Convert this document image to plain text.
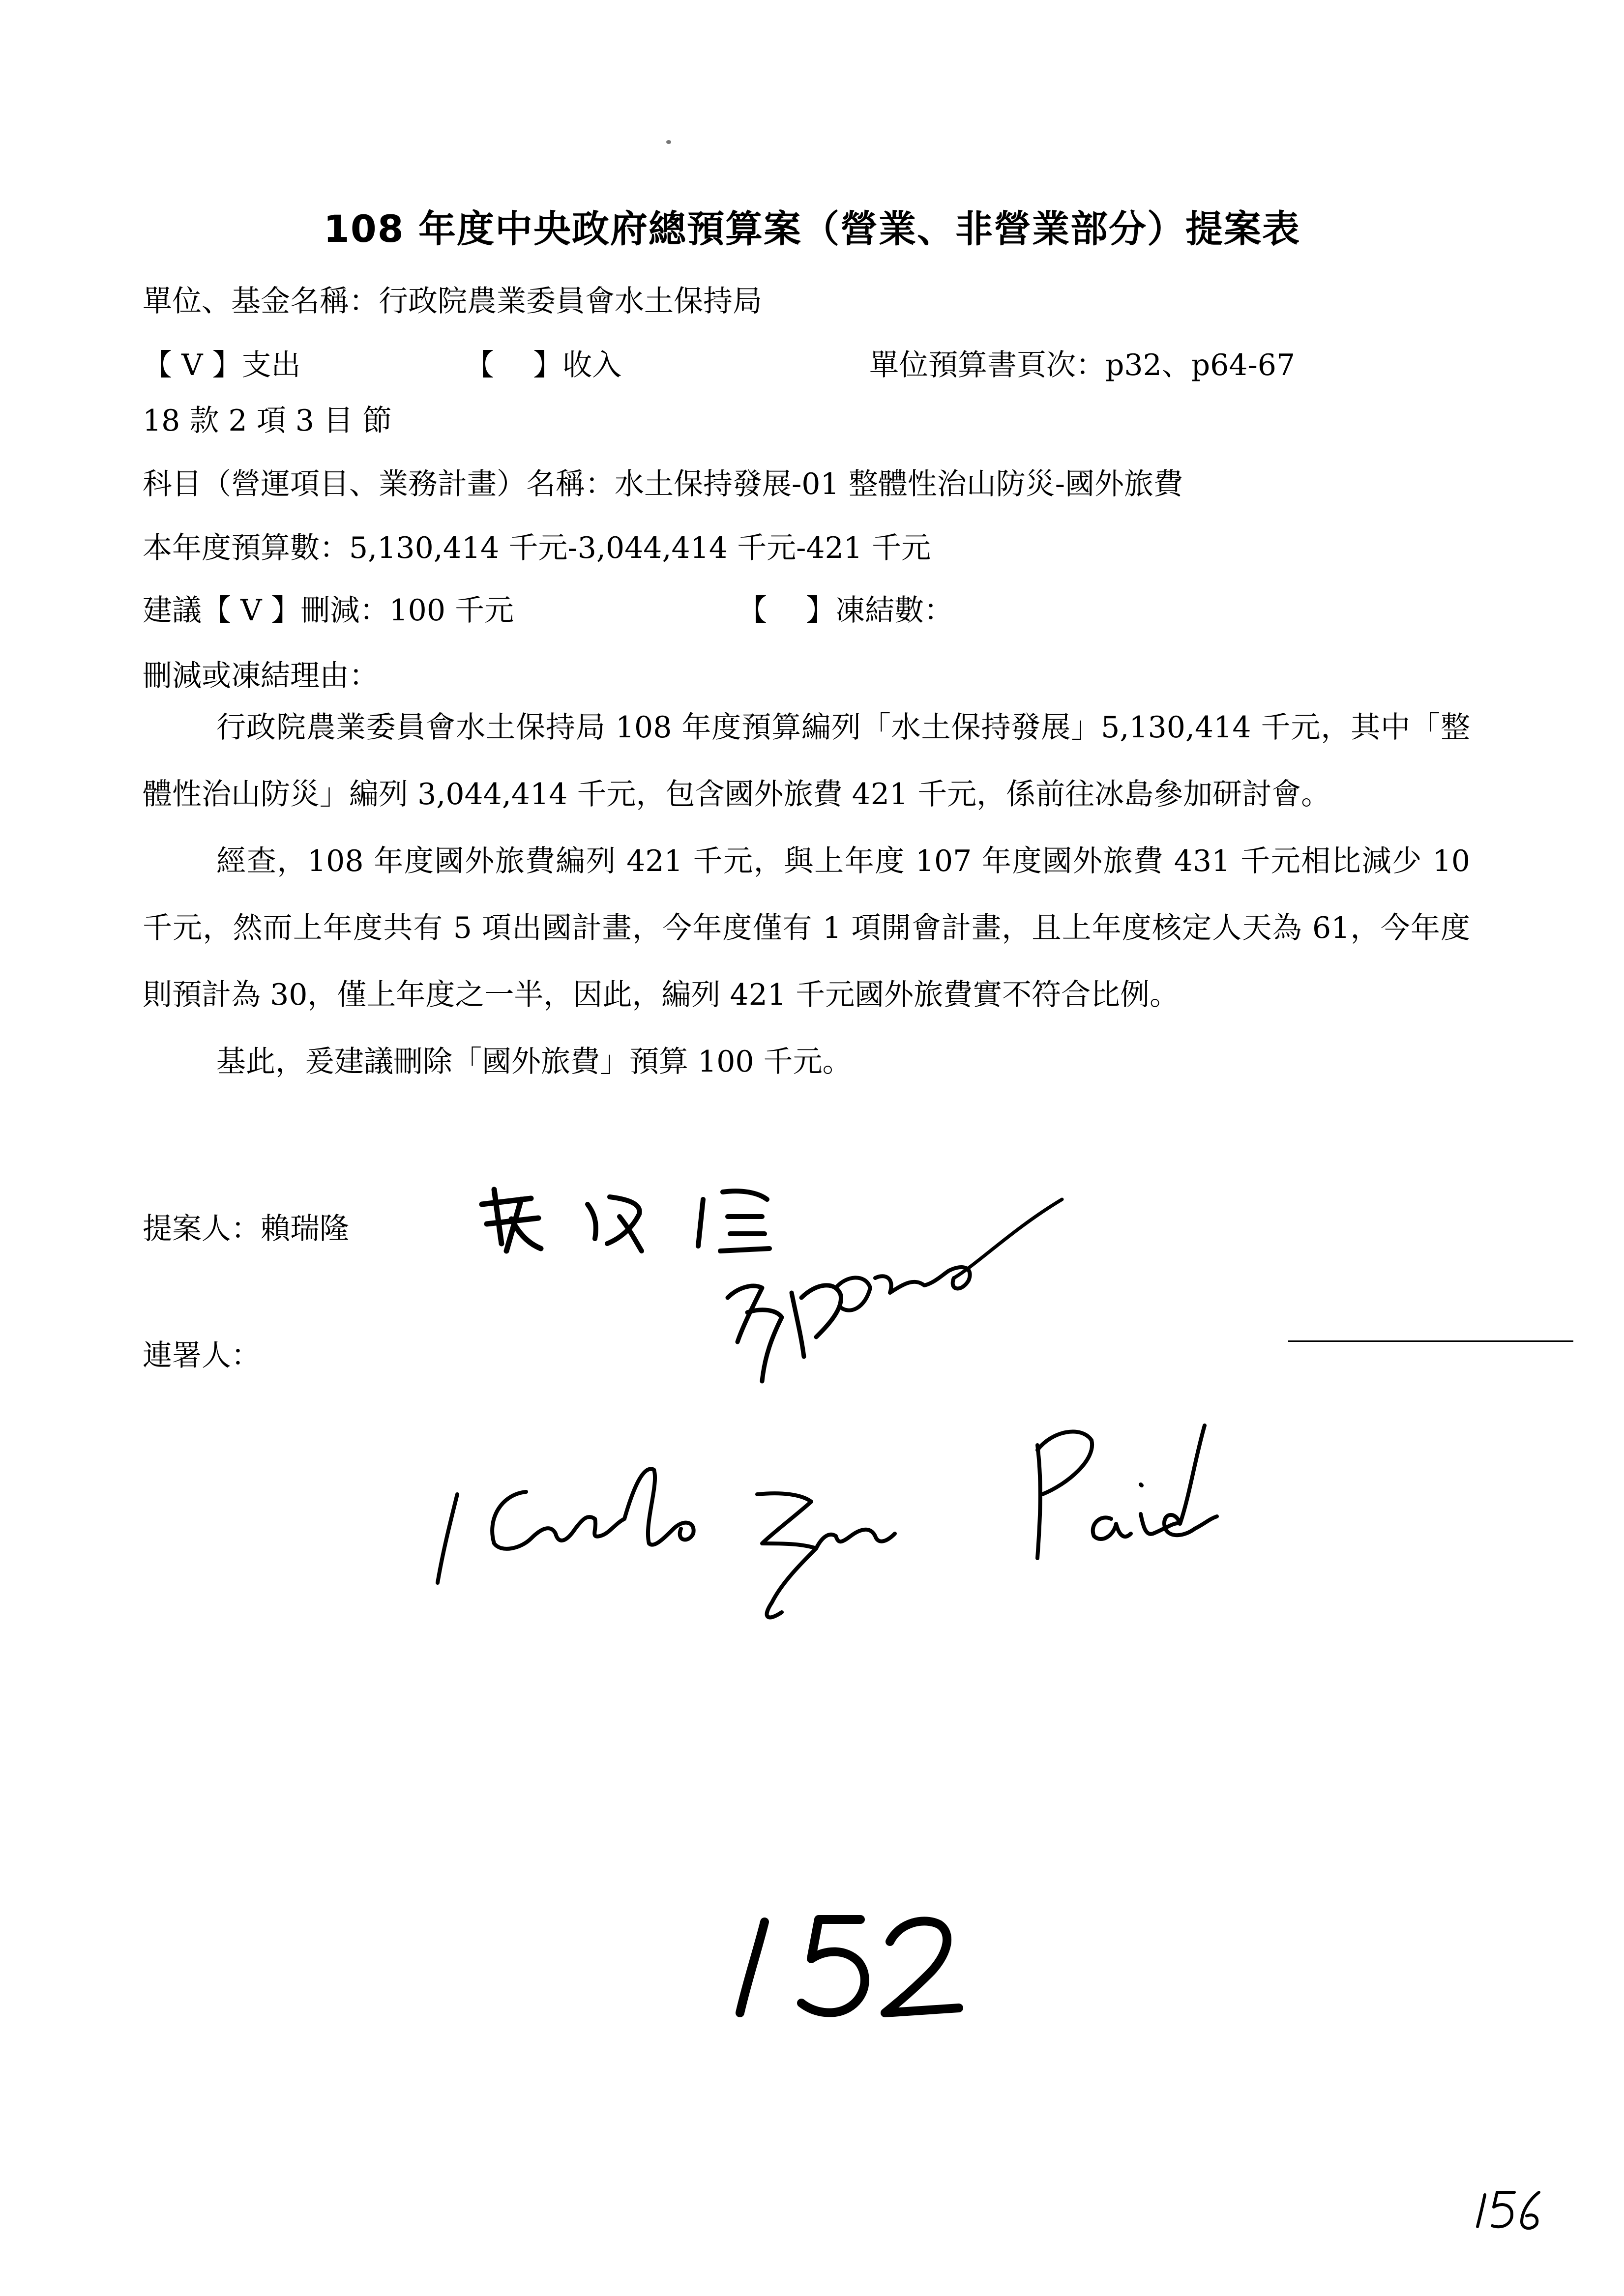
108 年度中央政府總預算案（營業、非營業部分）提案表
單位、基金名稱：行政院農業委員會水土保持局
【 V 】支出	【　 】收入	單位預算書頁次：p32、p64-67
18 款 2 項 3 目 節
科目（營運項目、業務計畫）名稱：水土保持發展-01 整體性治山防災-國外旅費
本年度預算數：5,130,414 千元-3,044,414 千元-421 千元
建議【 V 】刪減：100 千元	【　 】凍結數：
刪減或凍結理由：

行政院農業委員會水土保持局 108 年度預算編列「水土保持發展」5,130,414 千元，其中「整體性治山防災」編列 3,044,414 千元，包含國外旅費 421 千元，係前往冰島參加研討會。

經查，108 年度國外旅費編列 421 千元，與上年度 107 年度國外旅費 431 千元相比減少 10 千元，然而上年度共有 5 項出國計畫，今年度僅有 1 項開會計畫，且上年度核定人天為 61，今年度則預計為 30，僅上年度之一半，因此，編列 421 千元國外旅費實不符合比例。

基此，爰建議刪除「國外旅費」預算 100 千元。

提案人：賴瑞隆
連署人：
